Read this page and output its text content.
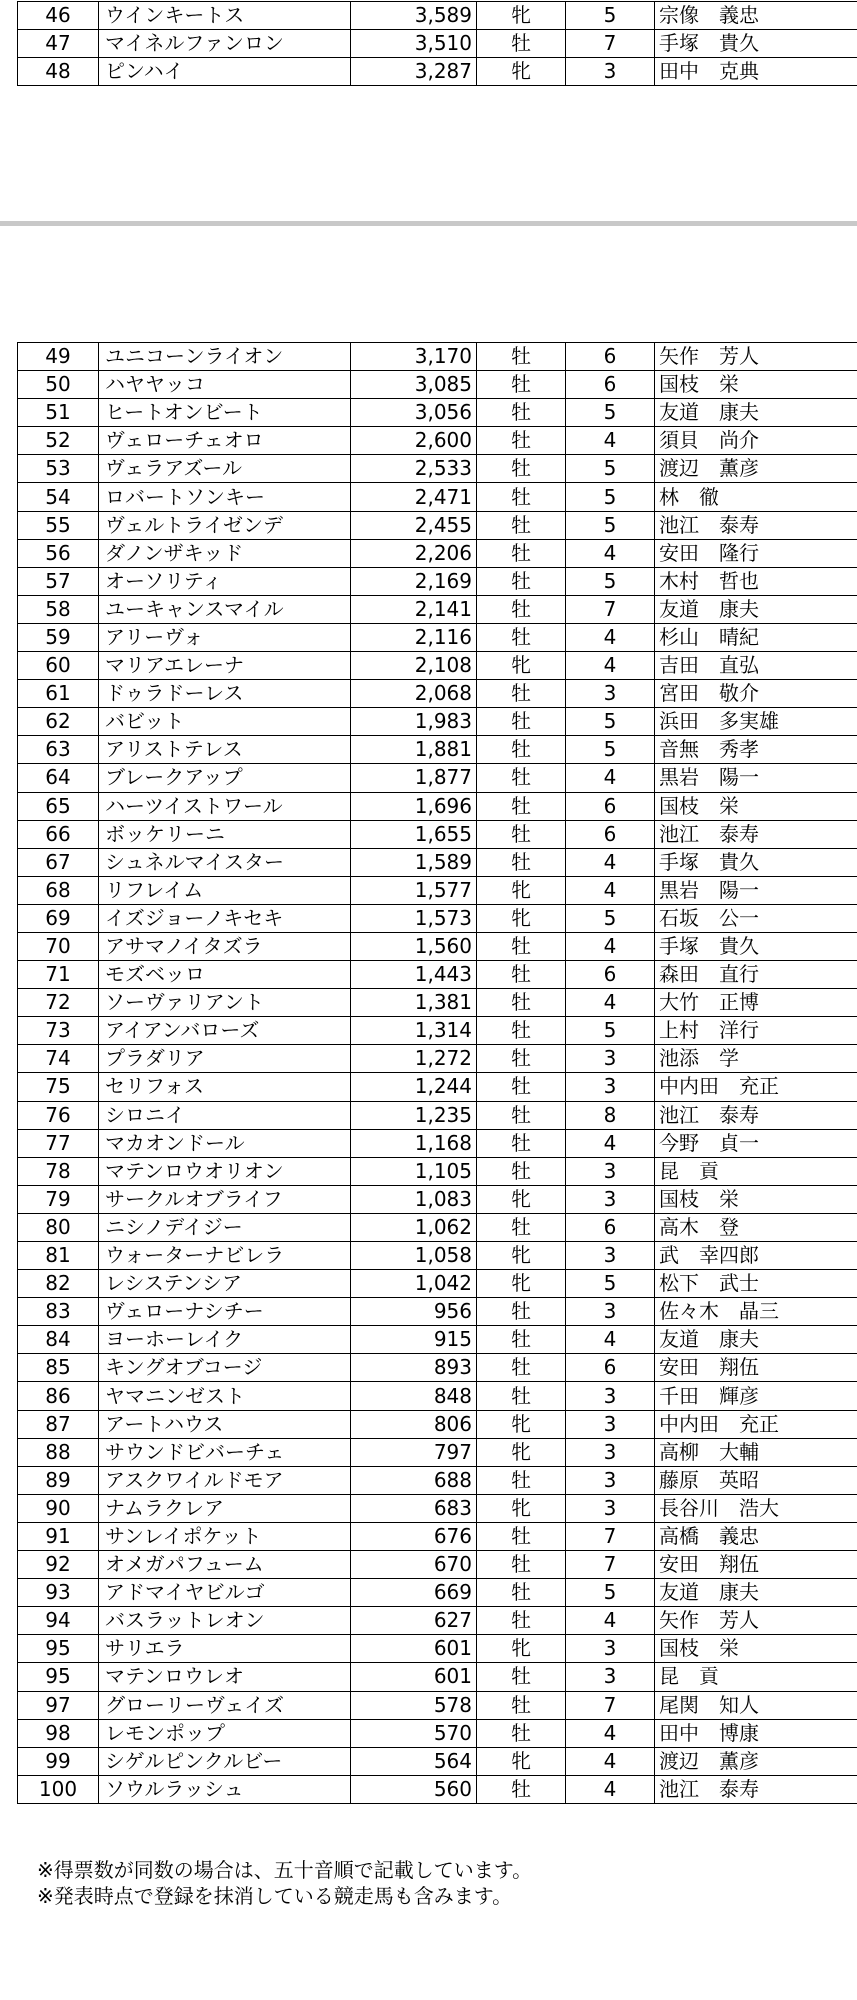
46	ウインキートス	3,589	牝	5	宗像　義忠
47	マイネルファンロン	3,510	牡	7	手塚　貴久
48	ピンハイ	3,287	牝	3	田中　克典
49	ユニコーンライオン	3,170	牡	6	矢作　芳人
50	ハヤヤッコ	3,085	牡	6	国枝　栄
51	ヒートオンビート	3,056	牡	5	友道　康夫
52	ヴェローチェオロ	2,600	牡	4	須貝　尚介
53	ヴェラアズール	2,533	牡	5	渡辺　薫彦
54	ロバートソンキー	2,471	牡	5	林　徹
55	ヴェルトライゼンデ	2,455	牡	5	池江　泰寿
56	ダノンザキッド	2,206	牡	4	安田　隆行
57	オーソリティ	2,169	牡	5	木村　哲也
58	ユーキャンスマイル	2,141	牡	7	友道　康夫
59	アリーヴォ	2,116	牡	4	杉山　晴紀
60	マリアエレーナ	2,108	牝	4	吉田　直弘
61	ドゥラドーレス	2,068	牡	3	宮田　敬介
62	バビット	1,983	牡	5	浜田　多実雄
63	アリストテレス	1,881	牡	5	音無　秀孝
64	ブレークアップ	1,877	牡	4	黒岩　陽一
65	ハーツイストワール	1,696	牡	6	国枝　栄
66	ボッケリーニ	1,655	牡	6	池江　泰寿
67	シュネルマイスター	1,589	牡	4	手塚　貴久
68	リフレイム	1,577	牝	4	黒岩　陽一
69	イズジョーノキセキ	1,573	牝	5	石坂　公一
70	アサマノイタズラ	1,560	牡	4	手塚　貴久
71	モズベッロ	1,443	牡	6	森田　直行
72	ソーヴァリアント	1,381	牡	4	大竹　正博
73	アイアンバローズ	1,314	牡	5	上村　洋行
74	プラダリア	1,272	牡	3	池添　学
75	セリフォス	1,244	牡	3	中内田　充正
76	シロニイ	1,235	牡	8	池江　泰寿
77	マカオンドール	1,168	牡	4	今野　貞一
78	マテンロウオリオン	1,105	牡	3	昆　貢
79	サークルオブライフ	1,083	牝	3	国枝　栄
80	ニシノデイジー	1,062	牡	6	高木　登
81	ウォーターナビレラ	1,058	牝	3	武　幸四郎
82	レシステンシア	1,042	牝	5	松下　武士
83	ヴェローナシチー	956	牡	3	佐々木　晶三
84	ヨーホーレイク	915	牡	4	友道　康夫
85	キングオブコージ	893	牡	6	安田　翔伍
86	ヤマニンゼスト	848	牡	3	千田　輝彦
87	アートハウス	806	牝	3	中内田　充正
88	サウンドビバーチェ	797	牝	3	高柳　大輔
89	アスクワイルドモア	688	牡	3	藤原　英昭
90	ナムラクレア	683	牝	3	長谷川　浩大
91	サンレイポケット	676	牡	7	高橋　義忠
92	オメガパフューム	670	牡	7	安田　翔伍
93	アドマイヤビルゴ	669	牡	5	友道　康夫
94	バスラットレオン	627	牡	4	矢作　芳人
95	サリエラ	601	牝	3	国枝　栄
95	マテンロウレオ	601	牡	3	昆　貢
97	グローリーヴェイズ	578	牡	7	尾関　知人
98	レモンポップ	570	牡	4	田中　博康
99	シゲルピンクルビー	564	牝	4	渡辺　薫彦
100	ソウルラッシュ	560	牡	4	池江　泰寿

※得票数が同数の場合は、五十音順で記載しています。

※発表時点で登録を抹消している競走馬も含みます。
